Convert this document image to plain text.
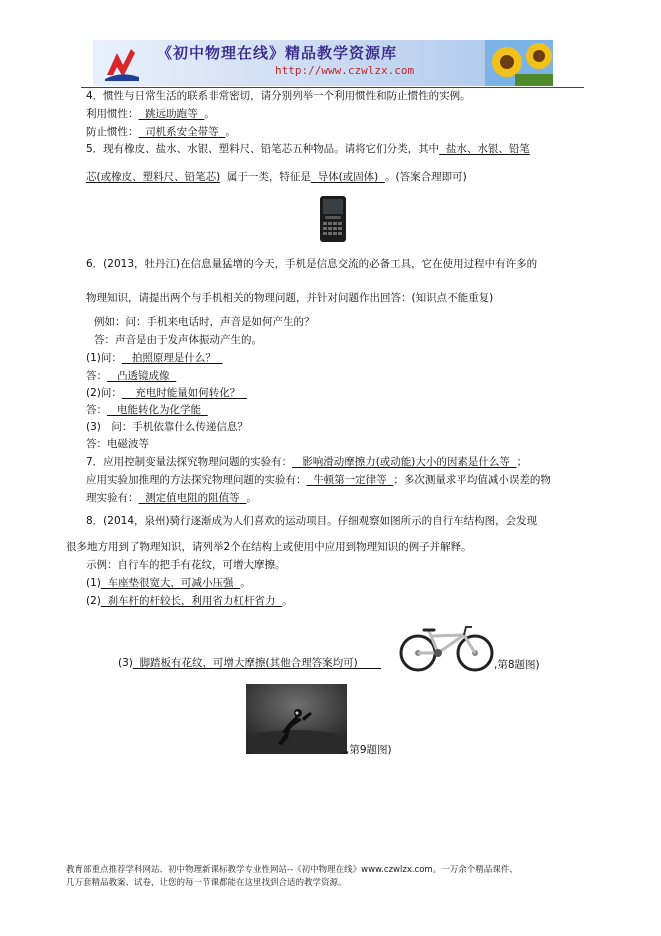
《初中物理在线》精品教学资源库
http://www.czwlzx.com
4．惯性与日常生活的联系非常密切，请分别列举一个利用惯性和防止惯性的实例。
利用惯性： 跳远助跑等 。
防止惯性： 司机系安全带等 。
5．现有橡皮、盐水、水银、塑料尺、铅笔芯五种物品。请将它们分类，其中 盐水、水银、铅笔
芯(或橡皮、塑料尺、铅笔芯) 属于一类，特征是 导体(或固体) 。(答案合理即可)
6．(2013，牡丹江)在信息量猛增的今天，手机是信息交流的必备工具，它在使用过程中有许多的
物理知识，请提出两个与手机相关的物理问题，并针对问题作出回答：(知识点不能重复)
例如：问：手机来电话时，声音是如何产生的？
答：声音是由于发声体振动产生的。
(1)问： 拍照原理是什么？
答： 凸透镜成像
(2)问： 充电时能量如何转化？
答： 电能转化为化学能
(3)　问：手机依靠什么传递信息？
答：电磁波等
7．应用控制变量法探究物理问题的实验有： 影响滑动摩擦力(或动能)大小的因素是什么等 ；
应用实验加推理的方法探究物理问题的实验有： 牛顿第一定律等 ；多次测量求平均值减小误差的物
理实验有： 测定值电阻的阻值等 。
8．(2014，泉州)骑行逐渐成为人们喜欢的运动项目。仔细观察如图所示的自行车结构图，会发现
很多地方用到了物理知识，请列举2个在结构上或使用中应用到物理知识的例子并解释。
示例：自行车的把手有花纹，可增大摩擦。
(1) 车座垫很宽大，可减小压强 。
(2) 刹车杆的杆较长，利用省力杠杆省力 。
(3) 脚踏板有花纹，可增大摩擦(其他合理答案均可)	,第8题图)
,第9题图)
教育部重点推荐学科网站、初中物理新课标教学专业性网站--《初中物理在线》www.czwlzx.com。一万余个精品课件、
几万套精品教案、试卷，让您的每一节课都能在这里找到合适的教学资源。
